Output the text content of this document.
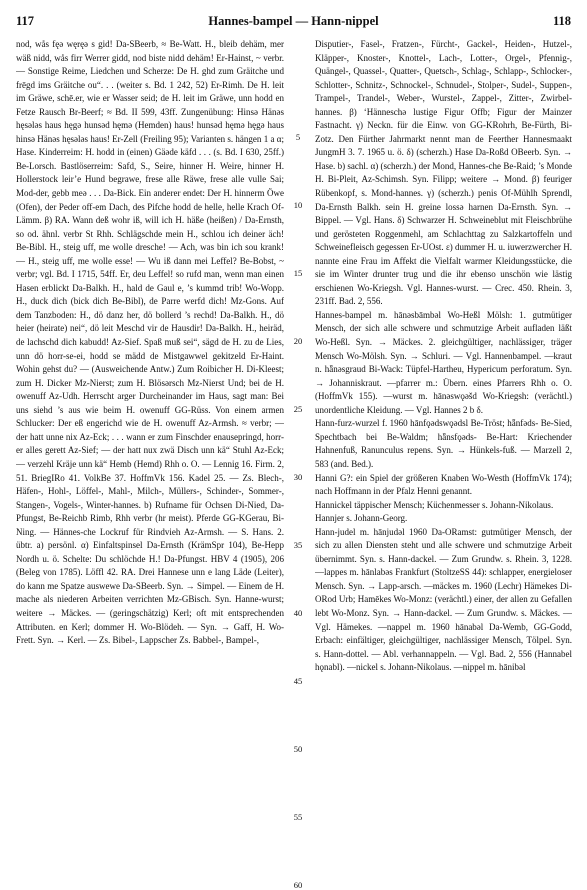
117	Hannes-bampel — Hann-nippel	118

nod, wås fęǝ węręǝ s gid! Da-SBeerb, ≈ Be-Watt. H., bleib dehäm, mer wäß nidd, wås firr Werrer gidd, nod biste nidd dehäm! Er-Hainst, ~ verbr. — Sonstige Reime, Liedchen und Scherze: De H. ghd zum Gräitche und frēgd ims Gräitche ou“. . . (weiter s. Bd. 1 242, 52) Er-Rimh. De H. leit im Gräwe, schē.er, wie er Wasser seid; de H. leit im Gräwe, unn hodd en Fetze Rausch Br-Beerf; ≈ Bd. II 599, 43ff. Zungenübung: Hinsǝ Hänǝs hęsǝlǝs haus hęgǝ hunsǝd hęmǝ (Hemden) haus! hunsǝd hęmǝ hęgǝ haus hinsǝ Hänǝs hęsǝlǝs haus! Er-Zell (Freiling 95); Varianten s. hängen 1 a α; Hase. Kinderreim: H. hodd in (einen) Gäǝde käfd . . . (s. Bd. I 630, 25ff.) Be-Lorsch. Bastlöserreim: Safd, S., Seire, hinner H. Weire, hinner H. Hollerstock leir’e Hund begrawe, frese alle Räwe, frese alle vulle Sai; Mod-der, gebb meǝ . . . Da-Bick. Ein anderer endet: Der H. hinnerm Öwe (Ofen), der Peder off-em Dach, des Pifche hodd de helle, helle Krach Of-Lämm. β) RA. Wann deß wohr iß, will ich H. häße (heißen) / Da-Ernsth, so od. ähnl. verbr St Rhh. Schlägschde mein H., schlou ich deiner äch! Be-Bibl. H., steig uff, me wolle dresche! — Ach, was bin ich sou krank! — H., steig uff, me wolle esse! — Wu iß dann mei Leffel? Be-Bobst, ~ verbr; vgl. Bd. I 1715, 54ff. Er, deu Leffel! so rufd man, wenn man einen Hasen erblickt Da-Balkh. H., hald de Gaul e, ’s kummd trib! Wo-Wopp. H., duck dich (bick dich Be-Bibl), de Parre werfd dich! Mz-Gons. Auf dem Tanzboden: H., dö danz her, dö bollerd ’s rechd! Da-Balkh. H., dö heier (heirate) nei“, dö leit Meschd vir de Hausdir! Da-Balkh. H., heiräd, de lachschd dich kabudd! Az-Sief. Spaß muß sei“, sägd de H. zu de Lies, unn dö horr-se-ei, hodd se mädd de Mistgawwel gekitzeld Er-Haint. Wohin gehst du? — (Ausweichende Antw.) Zum Roibicher H. Di-Kleest; zum H. Dicker Mz-Nierst; zum H. Blösǝrsch Mz-Nierst Und; bei de H. owenuff Az-Udh. Herrscht arger Durcheinander im Haus, sagt man: Bei uns siehd ’s aus wie beim H. owenuff GG-Rüss. Von einem armen Schlucker: Der eß engerichd wie de H. owenuff Az-Armsh. ≈ verbr; — der hatt unne nix Az-Eck; . . . wann er zum Finschder enausepringd, horr-er alles gerett Az-Sief; — der hatt nux zwä Disch unn kä“ Stuhl Az-Eck; — verzehl Kräje unn kä“ Hemb (Hemd) Rhh o. O. — Lennig 16. Firm. 2, 51. BriegIRo 41. VolkBe 37. HoffmVk 156. Kadel 25. — Zs. Blech-, Häfen-, Hohl-, Löffel-, Mahl-, Milch-, Müllers-, Schinder-, Sommer-, Stangen-, Vogels-, Winter-hannes. b) Rufname für Ochsen Di-Nied, Da-Pfungst, Be-Reichb Rimb, Rhh verbr (hr meist). Pferde GG-KGerau, Bi-Ning. — Hännes-che Lockruf für Rindvieh Az-Armsh. — S. Hans. 2. übtr. a) persönl. α) Einfaltspinsel Da-Ernsth (KrämSpr 104), Be-Hepp Nordh u. ö. Schelte: Du schlöchde H.! Da-Pfungst. HBV 4 (1905), 206 (Beleg von 1785). Löffl 42. RA. Drei Hannese unn e lang Läde (Leiter), do kann me Spatze auswewe Da-SBeerb. Syn. → Simpel. — Einem de H. mache als niederen Arbeiten verrichten Mz-GBisch. Syn. Hanne-wurst; weitere → Mäckes. — (geringschätzig) Kerl; oft mit entsprechenden Attributen. en Kerl; dommer H. Wo-Blödeh. — Syn. → Gaff, H. Wo-Frett. Syn. → Kerl. — Zs. Bibel-, Lappscher Zs. Babbel-, Bampel-,

5
10
15
20
25
30
35
40
45
50
55
60

Disputier-, Fasel-, Fratzen-, Fürcht-, Gackel-, Heiden-, Hutzel-, Kläpper-, Knoster-, Knottel-, Lach-, Lotter-, Orgel-, Pfennig-, Quängel-, Quassel-, Quatter-, Quetsch-, Schlag-, Schlapp-, Schlocker-, Schlotter-, Schnitz-, Schnockel-, Schnudel-, Stolper-, Sudel-, Suppen-, Trampel-, Trandel-, Weber-, Wurstel-, Zappel-, Zitter-, Zwirbel-hannes. β) ‘Hänneschǝ lustige Figur Offb; Figur der Mainzer Fastnacht. γ) Neckn. für die Einw. von GG-KRohrh, Be-Fürth, Bi-Zotz. Den Fürther Jahrmarkt nennt man de Feerther Hannesmaakt JungmH 3. 7. 1965 u. ö. δ) (scherzh.) Hase Da-Roßd OBeerb. Syn. → Hase. b) sachl. α) (scherzh.) der Mond, Hannes-che Be-Raid; ’s Monde H. Bi-Pleit, Az-Schimsh. Syn. Filipp; weitere → Mond. β) feuriger Rübenkopf, s. Mond-hannes. γ) (scherzh.) penis Of-Mühlh Sprendl, Da-Ernsth Balkh. sein H. greine lossǝ harnen Da-Ernsth. Syn. → Bippel. — Vgl. Hans. δ) Schwarzer H. Schweineblut mit Fleischbrühe und gerösteten Roggenmehl, am Schlachttag zu Salzkartoffeln und Schweinefleisch gegessen Er-UOst. ε) dummer H. u. iuwerzwercher H. nannte eine Frau im Affekt die Vielfalt warmer Kleidungsstücke, die sie im Winter drunter trug und die ihr ebenso unschön wie lästig erschienen Wo-Kriegsh. Vgl. Hannes-wurst. — Crec. 450. Rhein. 3, 231ff. Bad. 2, 556.

Hannes-bampel m. hānǝsbāmbǝl Wo-Heßl Mölsh: 1. gutmütiger Mensch, der sich alle schwere und schmutzige Arbeit aufladen läßt Wo-Heßl. Syn. → Mäckes. 2. gleichgültiger, nachlässiger, träger Mensch Wo-Mölsh. Syn. → Schluri. — Vgl. Hannenbampel. —kraut n. hǟnǝsgraud Bi-Wack: Tüpfel-Hartheu, Hypericum perforatum. Syn. → Johanniskraut. —pfarrer m.: Übern. eines Pfarrers Rhh o. O. (HoffmVk 155). —wurst m. hānǝswǫǝšd Wo-Kriegsh: (verächtl.) unordentliche Kleidung. — Vgl. Hannes 2 b δ.

Hann-furz-wurzel f. 1960 hānfǫǝdswǫǝdsl Be-Tröst; hǟnfǝds- Be-Sied, Spechtbach bei Be-Waldm; hǟnsfǫǝds- Be-Hart: Kriechender Hahnenfuß, Ranunculus repens. Syn. → Hünkels-fuß. — Marzell 2, 583 (and. Bed.).

Hanni G?: ein Spiel der größeren Knaben Wo-Westh (HoffmVk 174); nach Hoffmann in der Pfalz Henni genannt.

Hannickel täppischer Mensch; Küchenmesser s. Johann-Nikolaus.

Hannjer s. Johann-Georg.

Hann-judel m. hānjudǝl 1960 Da-ORamst: gutmütiger Mensch, der sich zu allen Diensten steht und alle schwere und schmutzige Arbeit übernimmt. Syn. s. Hann-dackel. — Zum Grundw. s. Rhein. 3, 1228. —lappes m. hānlabǝs Frankfurt (StoltzeSS 44): schlapper, energieloser Mensch. Syn. → Lapp-arsch. —mäckes m. 1960 (Lechr) Hämekes Di-ORod Urb; Hamēkes Wo-Monz: (verächtl.) einer, der allen zu Gefallen lebt Wo-Monz. Syn. → Hann-dackel. — Zum Grundw. s. Mäckes. — Vgl. Hämekes. —nappel m. 1960 hānabǝl Da-Wemb, GG-Godd, Erbach: einfältiger, gleichgültiger, nachlässiger Mensch, Tölpel. Syn. s. Hann-dottel. — Abl. verhannappeln. — Vgl. Bad. 2, 556 (Hannabel hǫnabl). —nickel s. Johann-Nikolaus. —nippel m. hānibǝl
